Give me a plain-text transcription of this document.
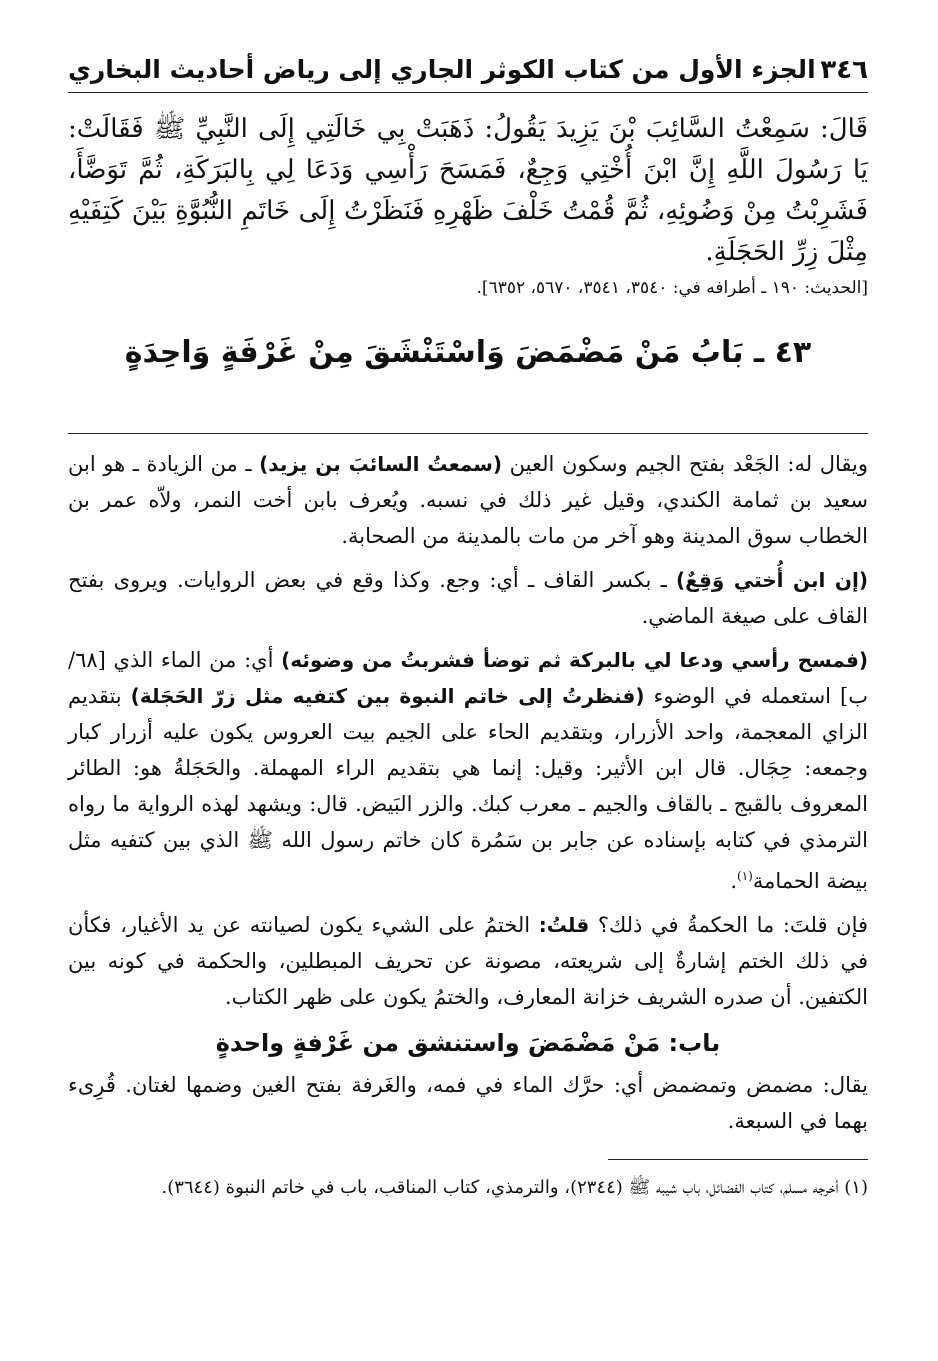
٣٤٦
الجزء الأول من كتاب الكوثر الجاري إلى رياض أحاديث البخاري
قَالَ: سَمِعْتُ السَّائِبَ بْنَ يَزِيدَ يَقُولُ: ذَهَبَتْ بِي خَالَتِي إِلَى النَّبِيِّ ﷺ فَقَالَتْ: يَا رَسُولَ اللَّهِ إِنَّ ابْنَ أُخْتِي وَجِعٌ، فَمَسَحَ رَأْسِي وَدَعَا لِي بِالبَرَكَةِ، ثُمَّ تَوَضَّأَ، فَشَرِبْتُ مِنْ وَضُوئِهِ، ثُمَّ قُمْتُ خَلْفَ ظَهْرِهِ فَنَظَرْتُ إِلَى خَاتَمِ النُّبُوَّةِ بَيْنَ كَتِفَيْهِ مِثْلَ زِرِّ الحَجَلَةِ.
[الحديث: ١٩٠ ـ أطرافه في: ٣٥٤٠، ٣٥٤١، ٥٦٧٠، ٦٣٥٢].
٤٣ ـ بَابُ مَنْ مَضْمَضَ وَاسْتَنْشَقَ مِنْ غَرْفَةٍ وَاحِدَةٍ

ويقال له: الجَعْد بفتح الجيم وسكون العين (سمعتُ السائبَ بن يزيد) ـ من الزيادة ـ هو ابن سعيد بن ثمامة الكندي، وقيل غير ذلك في نسبه. ويُعرف بابن أخت النمر، ولاّه عمر بن الخطاب سوق المدينة وهو آخر من مات بالمدينة من الصحابة.

(إن ابن أُختي وَقِعٌ) ـ بكسر القاف ـ أي: وجع. وكذا وقع في بعض الروايات. ويروى بفتح القاف على صيغة الماضي.

(فمسح رأسي ودعا لي بالبركة ثم توضأ فشربتُ من وضوئه) أي: من الماء الذي [٦٨/ب] استعمله في الوضوء (فنظرتُ إلى خاتم النبوة بين كتفيه مثل زرّ الحَجَلة) بتقديم الزاي المعجمة، واحد الأزرار، وبتقديم الحاء على الجيم بيت العروس يكون عليه أزرار كبار وجمعه: حِجَال. قال ابن الأثير: وقيل: إنما هي بتقديم الراء المهملة. والحَجَلةُ هو: الطائر المعروف بالقبج ـ بالقاف والجيم ـ معرب كبك. والزر البَيض. قال: ويشهد لهذه الرواية ما رواه الترمذي في كتابه بإسناده عن جابر بن سَمُرة كان خاتم رسول الله ﷺ الذي بين كتفيه مثل بيضة الحمامة$^{(١)}$.

فإن قلتَ: ما الحكمةُ في ذلك؟ قلتُ: الختمُ على الشيء يكون لصيانته عن يد الأغيار، فكأن في ذلك الختم إشارةٌ إلى شريعته، مصونة عن تحريف المبطلين، والحكمة في كونه بين الكتفين. أن صدره الشريف خزانة المعارف، والختمُ يكون على ظهر الكتاب.

باب: مَنْ مَضْمَضَ واستنشق من غَرْفةٍ واحدةٍ

يقال: مضمض وتمضمض أي: حرَّك الماء في فمه، والغَرفة بفتح الغين وضمها لغتان. قُرِىء بهما في السبعة.

(١) أخرجه مسلم، كتاب الفضائل، باب شيبه ﷺ (٢٣٤٤)، والترمذي، كتاب المناقب، باب في خاتم النبوة (٣٦٤٤).
